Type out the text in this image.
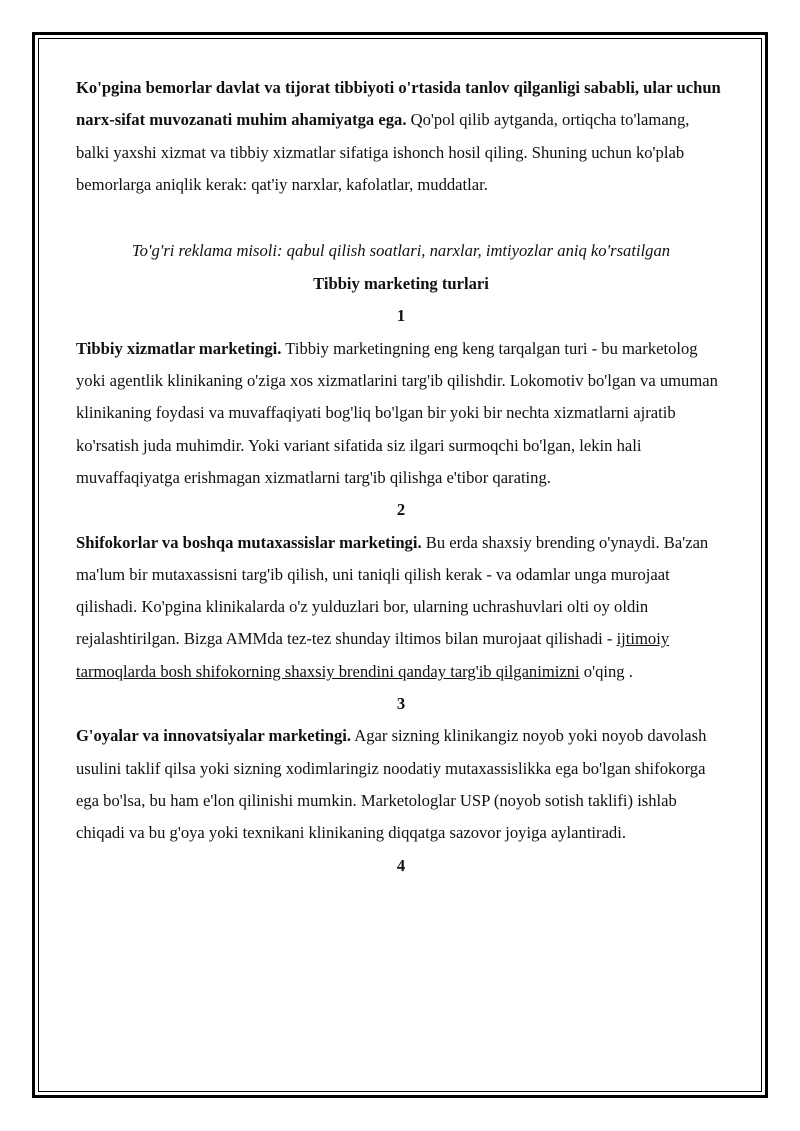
Ko'pgina bemorlar davlat va tijorat tibbiyoti o'rtasida tanlov qilganligi sababli, ular uchun narx-sifat muvozanati muhim ahamiyatga ega. Qo'pol qilib aytganda, ortiqcha to'lamang, balki yaxshi xizmat va tibbiy xizmatlar sifatiga ishonch hosil qiling. Shuning uchun ko'plab bemorlarga aniqlik kerak: qat'iy narxlar, kafolatlar, muddatlar.

To'g'ri reklama misoli: qabul qilish soatlari, narxlar, imtiyozlar aniq ko'rsatilgan

Tibbiy marketing turlari

1

Tibbiy xizmatlar marketingi. Tibbiy marketingning eng keng tarqalgan turi - bu marketolog yoki agentlik klinikaning o'ziga xos xizmatlarini targ'ib qilishdir. Lokomotiv bo'lgan va umuman klinikaning foydasi va muvaffaqiyati bog'liq bo'lgan bir yoki bir nechta xizmatlarni ajratib ko'rsatish juda muhimdir. Yoki variant sifatida siz ilgari surmoqchi bo'lgan, lekin hali muvaffaqiyatga erishmagan xizmatlarni targ'ib qilishga e'tibor qarating.

2

Shifokorlar va boshqa mutaxassislar marketingi. Bu erda shaxsiy brending o'ynaydi. Ba'zan ma'lum bir mutaxassisni targ'ib qilish, uni taniqli qilish kerak - va odamlar unga murojaat qilishadi. Ko'pgina klinikalarda o'z yulduzlari bor, ularning uchrashuvlari olti oy oldin rejalashtirilgan. Bizga AMMda tez-tez shunday iltimos bilan murojaat qilishadi - ijtimoiy tarmoqlarda bosh shifokorning shaxsiy brendini qanday targ'ib qilganimizni o'qing .

3

G'oyalar va innovatsiyalar marketingi. Agar sizning klinikangiz noyob yoki noyob davolash usulini taklif qilsa yoki sizning xodimlaringiz noodatiy mutaxassislikka ega bo'lgan shifokorga ega bo'lsa, bu ham e'lon qilinishi mumkin. Marketologlar USP (noyob sotish taklifi) ishlab chiqadi va bu g'oya yoki texnikani klinikaning diqqatga sazovor joyiga aylantiradi.

4
